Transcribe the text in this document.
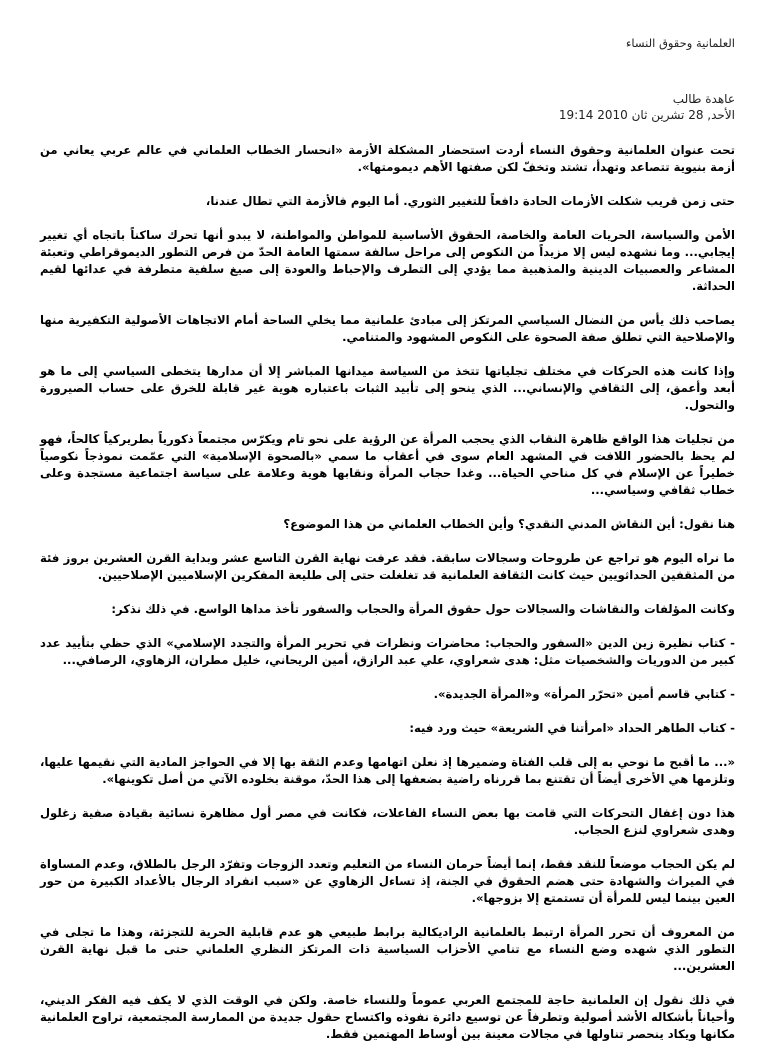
العلمانية وحقوق النساء
عاهدة طالب
الأحد, 28 تشرين ثان 2010 19:14

تحت عنوان العلمانية وحقوق النساء أردت استحضار المشكلة الأزمة «انحسار الخطاب العلماني في عالم عربي يعاني من أزمة بنيوية تتصاعد وتهدأ، تشتد وتخفّ لكن صفتها الأهم ديمومتها».

حتى زمن قريب شكلت الأزمات الحادة دافعاً للتغيير الثوري. أما اليوم فالأزمة التي تطال عندنا،

الأمن والسياسة، الحريات العامة والخاصة، الحقوق الأساسية للمواطن والمواطنة، لا يبدو أنها تحرك ساكناً باتجاه أي تغيير إيجابي... وما نشهده ليس إلا مزيداً من النكوص إلى مراحل سالفة سمتها العامة الحدّ من فرص التطور الديموقراطي وتعبئة المشاعر والعصبيات الدينية والمذهبية مما يؤدي إلى التطرف والإحباط والعودة إلى صيغ سلفية متطرفة في عدائها لقيم الحداثة.

يصاحب ذلك يأس من النضال السياسي المرتكز إلى مبادئ علمانية مما يخلي الساحة أمام الاتجاهات الأصولية التكفيرية منها والإصلاحية التي تطلق صفة الصحوة على النكوص المشهود والمتنامي.

وإذا كانت هذه الحركات في مختلف تجلياتها تتخذ من السياسة ميدانها المباشر إلا أن مدارها يتخطى السياسي إلى ما هو أبعد وأعمق، إلى الثقافي والإنساني... الذي ينحو إلى تأبيد الثبات باعتباره هوية غير قابلة للخرق على حساب الصيرورة والتحول.

من تجليات هذا الواقع ظاهرة النقاب الذي يحجب المرأة عن الرؤية على نحو تام ويكرّس مجتمعاً ذكورياً بطريركياً كالحاً، فهو لم يحظ بالحضور اللافت في المشهد العام سوى في أعقاب ما سمي «بالصحوة الإسلامية» التي عمّمت نموذجاً نكوصياً خطيراً عن الإسلام في كل مناحي الحياة... وغدا حجاب المرأة ونقابها هوية وعلامة على سياسة اجتماعية مستجدة وعلى خطاب ثقافي وسياسي...

هنا نقول: أين النقاش المدني النقدي؟ وأين الخطاب العلماني من هذا الموضوع؟

ما نراه اليوم هو تراجع عن طروحات وسجالات سابقة. فقد عرفت نهاية القرن التاسع عشر وبداية القرن العشرين بروز فئة من المثقفين الحداثويين حيث كانت الثقافة العلمانية قد تغلغلت حتى إلى طليعة المفكرين الإسلاميين الإصلاحيين.

وكانت المؤلفات والنقاشات والسجالات حول حقوق المرأة والحجاب والسفور تأخذ مداها الواسع. في ذلك نذكر:

- كتاب نظيرة زين الدين «السفور والحجاب: محاضرات ونظرات في تحرير المرأة والتجدد الإسلامي» الذي حظي بتأييد عدد كبير من الدوريات والشخصيات مثل: هدى شعراوي، علي عبد الرازق، أمين الريحاني، خليل مطران، الزهاوي، الرصافي...

- كتابي قاسم أمين «تحرّر المرأة» و«المرأة الجديدة».

- كتاب الطاهر الحداد «امرأتنا في الشريعة» حيث ورد فيه:

«... ما أقبح ما نوحي به إلى قلب الفتاة وضميرها إذ نعلن اتهامها وعدم الثقة بها إلا في الحواجز المادية التي نقيمها عليها، وتلزمها هي الأخرى أيضاً أن تقتنع بما قررناه راضية بضعفها إلى هذا الحدّ، موقنة بخلوده الآتي من أصل تكوينها».

هذا دون إغفال التحركات التي قامت بها بعض النساء الفاعلات، فكانت في مصر أول مظاهرة نسائية بقيادة صفية زغلول وهدى شعراوي لنزع الحجاب.

لم يكن الحجاب موضعاً للنقد فقط، إنما أيضاً حرمان النساء من التعليم وتعدد الزوجات وتفرّد الرجل بالطلاق، وعدم المساواة في الميراث والشهادة حتى هضم الحقوق في الجنة، إذ تساءل الزهاوي عن «سبب انفراد الرجال بالأعداد الكبيرة من حور العين بينما ليس للمرأة أن تستمتع إلا بزوجها».

من المعروف أن تحرر المرأة ارتبط بالعلمانية الراديكالية برابط طبيعي هو عدم قابلية الحرية للتجزئة، وهذا ما تجلى في التطور الذي شهده وضع النساء مع تنامي الأحزاب السياسية ذات المرتكز النظري العلماني حتى ما قبل نهاية القرن العشرين...

في ذلك نقول إن العلمانية حاجة للمجتمع العربي عموماً وللنساء خاصة. ولكن في الوقت الذي لا يكف فيه الفكر الديني، وأحياناً بأشكاله الأشد أصولية وتطرفاً عن توسيع دائرة نفوذه واكتساح حقول جديدة من الممارسة المجتمعية، تراوح العلمانية مكانها ويكاد ينحصر تناولها في مجالات معينة بين أوساط المهتمين فقط.
